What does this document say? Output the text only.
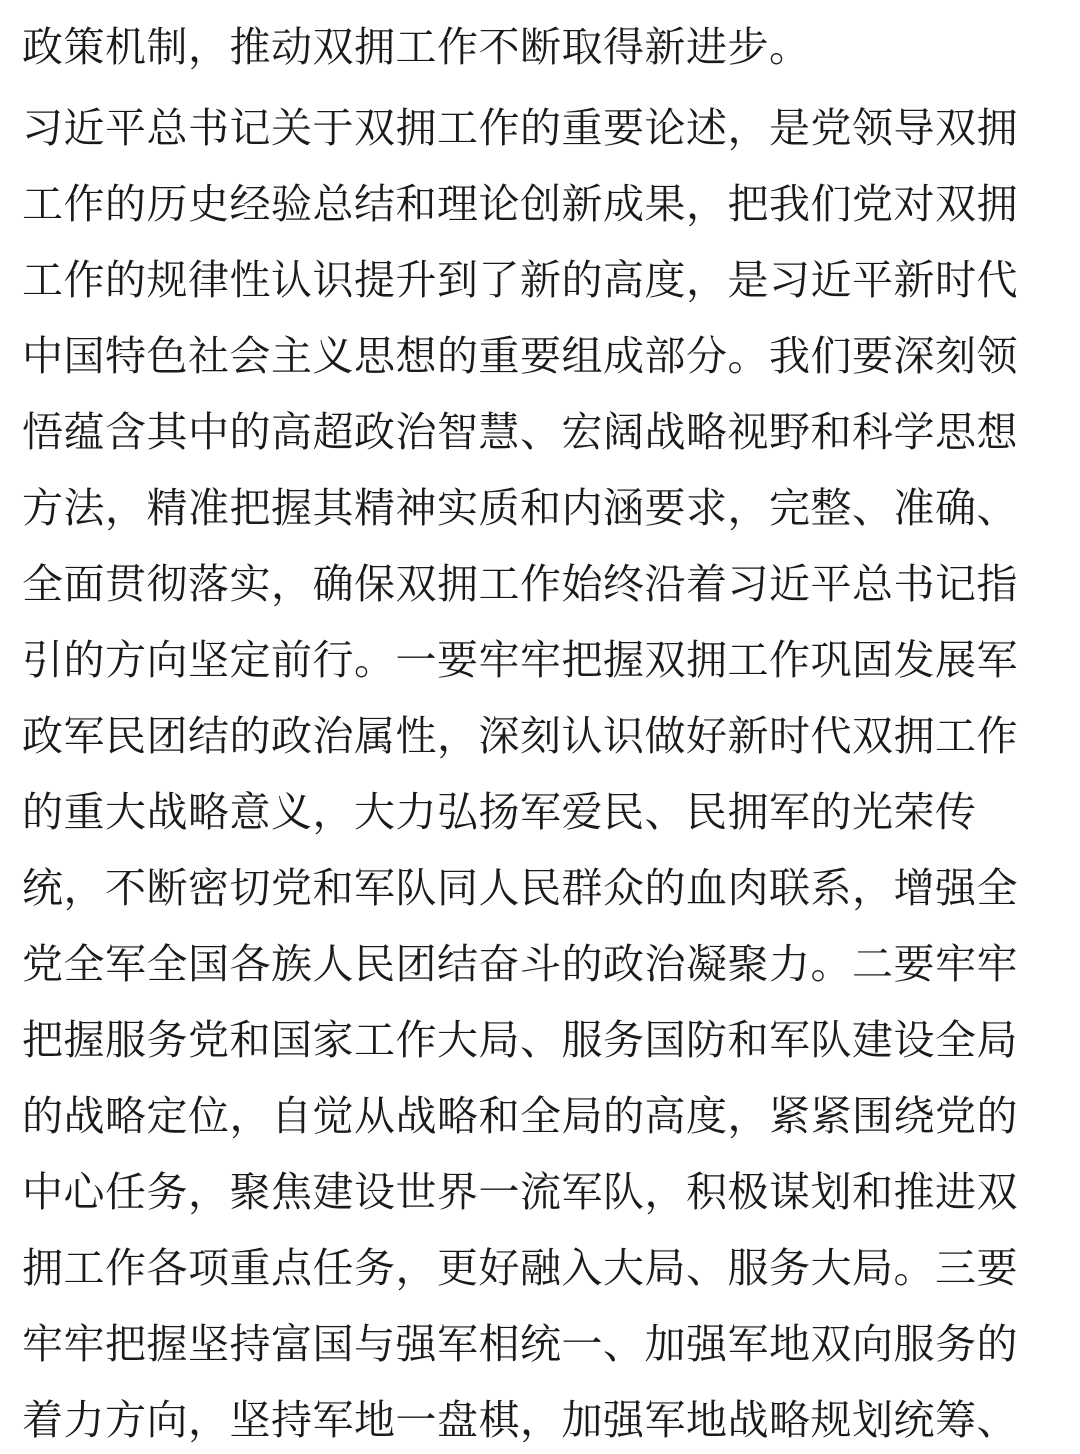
政策机制，推动双拥工作不断取得新进步。
习近平总书记关于双拥工作的重要论述，是党领导双拥
工作的历史经验总结和理论创新成果，把我们党对双拥
工作的规律性认识提升到了新的高度，是习近平新时代
中国特色社会主义思想的重要组成部分。我们要深刻领
悟蕴含其中的高超政治智慧、宏阔战略视野和科学思想
方法，精准把握其精神实质和内涵要求，完整、准确、
全面贯彻落实，确保双拥工作始终沿着习近平总书记指
引的方向坚定前行。一要牢牢把握双拥工作巩固发展军
政军民团结的政治属性，深刻认识做好新时代双拥工作
的重大战略意义，大力弘扬军爱民、民拥军的光荣传
统，不断密切党和军队同人民群众的血肉联系，增强全
党全军全国各族人民团结奋斗的政治凝聚力。二要牢牢
把握服务党和国家工作大局、服务国防和军队建设全局
的战略定位，自觉从战略和全局的高度，紧紧围绕党的
中心任务，聚焦建设世界一流军队，积极谋划和推进双
拥工作各项重点任务，更好融入大局、服务大局。三要
牢牢把握坚持富国与强军相统一、加强军地双向服务的
着力方向，坚持军地一盘棋，加强军地战略规划统筹、
